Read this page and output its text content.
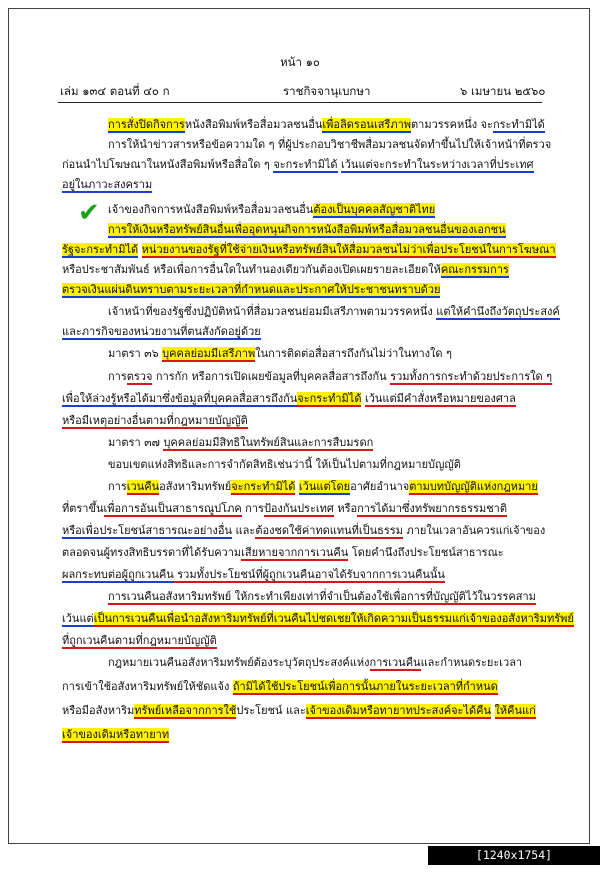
หน้า ๑๐
เล่ม ๑๓๔ ตอนที่ ๔๐ ก	ราชกิจจานุเบกษา	๖ เมษายน ๒๕๖๐
การสั่งปิดกิจการหนังสือพิมพ์หรือสื่อมวลชนอื่นเพื่อลิดรอนเสรีภาพตามวรรคหนึ่ง จะกระทำมิได้
การให้นำข่าวสารหรือข้อความใด ๆ ที่ผู้ประกอบวิชาชีพสื่อมวลชนจัดทำขึ้นไปให้เจ้าหน้าที่ตรวจ
ก่อนนำไปโฆษณาในหนังสือพิมพ์หรือสื่อใด ๆ จะกระทำมิได้ เว้นแต่จะกระทำในระหว่างเวลาที่ประเทศ
อยู่ในภาวะสงคราม
✔ เจ้าของกิจการหนังสือพิมพ์หรือสื่อมวลชนอื่นต้องเป็นบุคคลสัญชาติไทย
การให้เงินหรือทรัพย์สินอื่นเพื่ออุดหนุนกิจการหนังสือพิมพ์หรือสื่อมวลชนอื่นของเอกชน
รัฐจะกระทำมิได้ หน่วยงานของรัฐที่ใช้จ่ายเงินหรือทรัพย์สินให้สื่อมวลชนไม่ว่าเพื่อประโยชน์ในการโฆษณา
หรือประชาสัมพันธ์ หรือเพื่อการอื่นใดในทำนองเดียวกันต้องเปิดเผยรายละเอียดให้คณะกรรมการ
ตรวจเงินแผ่นดินทราบตามระยะเวลาที่กำหนดและประกาศให้ประชาชนทราบด้วย
เจ้าหน้าที่ของรัฐซึ่งปฏิบัติหน้าที่สื่อมวลชนย่อมมีเสรีภาพตามวรรคหนึ่ง แต่ให้คำนึงถึงวัตถุประสงค์
และภารกิจของหน่วยงานที่ตนสังกัดอยู่ด้วย
มาตรา ๓๖ บุคคลย่อมมีเสรีภาพในการติดต่อสื่อสารถึงกันไม่ว่าในทางใด ๆ
การตรวจ การกัก หรือการเปิดเผยข้อมูลที่บุคคลสื่อสารถึงกัน รวมทั้งการกระทำด้วยประการใด ๆ
เพื่อให้ล่วงรู้หรือได้มาซึ่งข้อมูลที่บุคคลสื่อสารถึงกันจะกระทำมิได้ เว้นแต่มีคำสั่งหรือหมายของศาล
หรือมีเหตุอย่างอื่นตามที่กฎหมายบัญญัติ
มาตรา ๓๗ บุคคลย่อมมีสิทธิในทรัพย์สินและการสืบมรดก
ขอบเขตแห่งสิทธิและการจำกัดสิทธิเช่นว่านี้ ให้เป็นไปตามที่กฎหมายบัญญัติ
การเวนคืนอสังหาริมทรัพย์จะกระทำมิได้ เว้นแต่โดยอาศัยอำนาจตามบทบัญญัติแห่งกฎหมาย
ที่ตราขึ้นเพื่อการอันเป็นสาธารณูปโภค การป้องกันประเทศ หรือการได้มาซึ่งทรัพยากรธรรมชาติ
หรือเพื่อประโยชน์สาธารณะอย่างอื่น และต้องชดใช้ค่าทดแทนที่เป็นธรรม ภายในเวลาอันควรแก่เจ้าของ
ตลอดจนผู้ทรงสิทธิบรรดาที่ได้รับความเสียหายจากการเวนคืน โดยคำนึงถึงประโยชน์สาธารณะ
ผลกระทบต่อผู้ถูกเวนคืน รวมทั้งประโยชน์ที่ผู้ถูกเวนคืนอาจได้รับจากการเวนคืนนั้น
การเวนคืนอสังหาริมทรัพย์ ให้กระทำเพียงเท่าที่จำเป็นต้องใช้เพื่อการที่บัญญัติไว้ในวรรคสาม
เว้นแต่เป็นการเวนคืนเพื่อนำอสังหาริมทรัพย์ที่เวนคืนไปชดเชยให้เกิดความเป็นธรรมแก่เจ้าของอสังหาริมทรัพย์
ที่ถูกเวนคืนตามที่กฎหมายบัญญัติ
กฎหมายเวนคืนอสังหาริมทรัพย์ต้องระบุวัตถุประสงค์แห่งการเวนคืนและกำหนดระยะเวลา
การเข้าใช้อสังหาริมทรัพย์ให้ชัดแจ้ง ถ้ามิได้ใช้ประโยชน์เพื่อการนั้นภายในระยะเวลาที่กำหนด
หรือมีอสังหาริมทรัพย์เหลือจากการใช้ประโยชน์ และเจ้าของเดิมหรือทายาทประสงค์จะได้คืน ให้คืนแก่
เจ้าของเดิมหรือทายาท
[1240x1754] https://upic.me/
